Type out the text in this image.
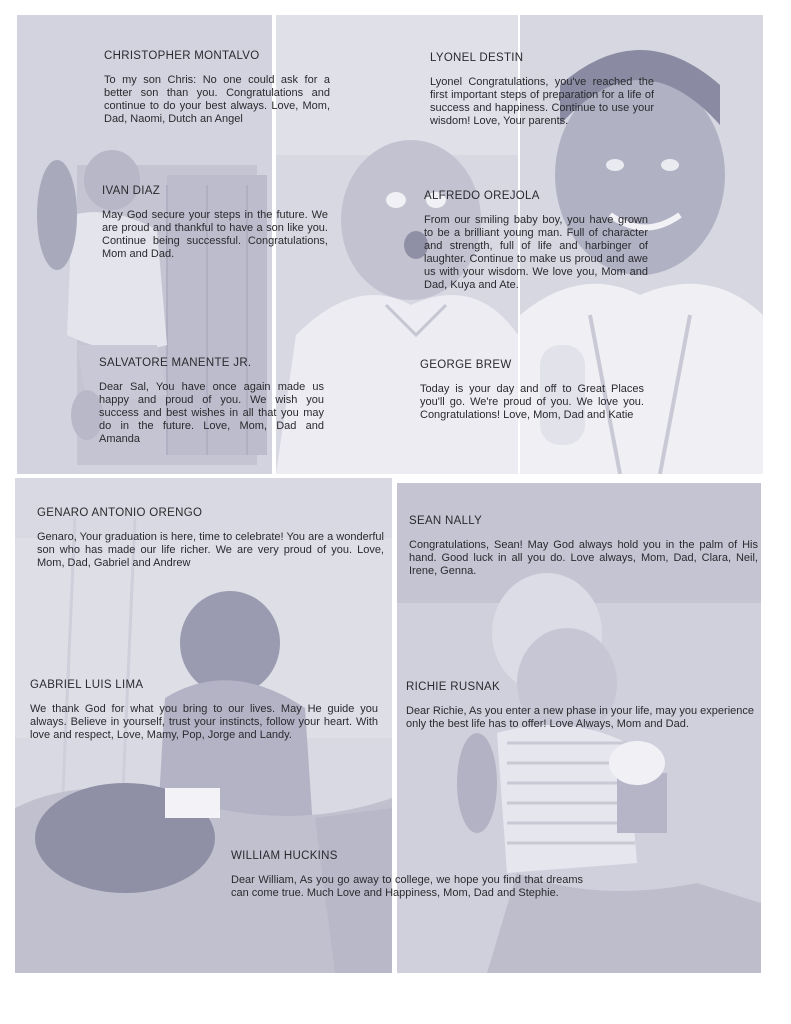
CHRISTOPHER MONTALVO

To my son Chris: No one could ask for a better son than you. Congratulations and continue to do your best always. Love, Mom, Dad, Naomi, Dutch an Angel

IVAN DIAZ

May God secure your steps in the future. We are proud and thankful to have a son like you. Continue being successful. Congratulations, Mom and Dad.

SALVATORE MANENTE JR.

Dear Sal, You have once again made us happy and proud of you. We wish you success and best wishes in all that you may do in the future. Love, Mom, Dad and Amanda

LYONEL DESTIN

Lyonel Congratulations, you've reached the first important steps of preparation for a life of success and happiness. Continue to use your wisdom! Love, Your parents.

ALFREDO OREJOLA

From our smiling baby boy, you have grown to be a brilliant young man. Full of character and strength, full of life and harbinger of laughter. Continue to make us proud and awe us with your wisdom. We love you, Mom and Dad, Kuya and Ate.

GEORGE BREW

Today is your day and off to Great Places you'll go. We're proud of you. We love you. Congratulations! Love, Mom, Dad and Katie

GENARO ANTONIO ORENGO

Genaro, Your graduation is here, time to celebrate! You are a wonderful son who has made our life richer. We are very proud of you. Love, Mom, Dad, Gabriel and Andrew

SEAN NALLY

Congratulations, Sean! May God always hold you in the palm of His hand. Good luck in all you do. Love always, Mom, Dad, Clara, Neil, Irene, Genna.

GABRIEL LUIS LIMA

We thank God for what you bring to our lives. May He guide you always. Believe in yourself, trust your instincts, follow your heart. With love and respect, Love, Mamy, Pop, Jorge and Landy.

RICHIE RUSNAK

Dear Richie, As you enter a new phase in your life, may you experience only the best life has to offer! Love Always, Mom and Dad.

WILLIAM HUCKINS

Dear William, As you go away to college, we hope you find that dreams can come true. Much Love and Happiness, Mom, Dad and Stephie.
